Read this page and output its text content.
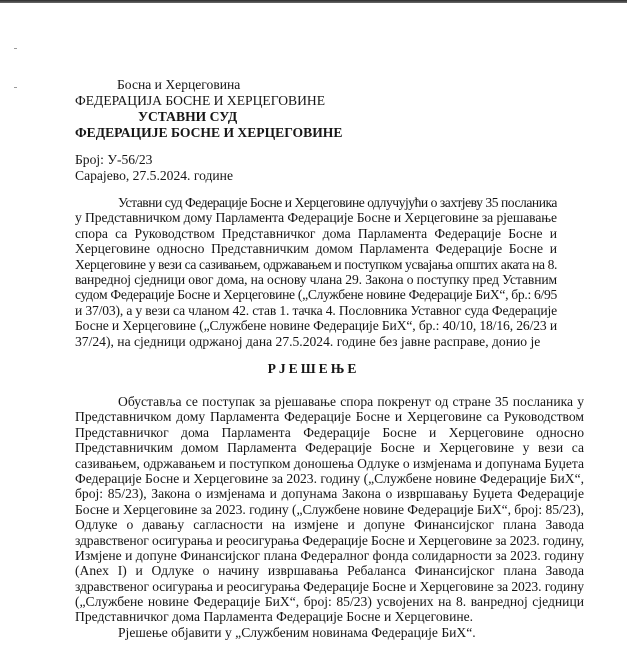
Босна и Херцеговина
ФЕДЕРАЦИЈА БОСНЕ И ХЕРЦЕГОВИНЕ
УСТАВНИ СУД
ФЕДЕРАЦИЈЕ БОСНЕ И ХЕРЦЕГОВИНЕ
Број: У-56/23
Сарајево, 27.5.2024. године
Уставни суд Федерације Босне и Херцеговине одлучујући о захтјеву 35 посланика
у Представничком дому Парламента Федерације Босне и Херцеговине за рјешавање
спора са Руководством Представничког дома Парламента Федерације Босне и
Херцеговине односно Представничким домом Парламента Федерације Босне и
Херцеговине у вези са сазивањем, одржавањем и поступком усвајања општих аката на 8.
ванредној сједници овог дома, на основу члана 29. Закона о поступку пред Уставним
судом Федерације Босне и Херцеговине („Службене новине Федерације БиХ“, бр.: 6/95
и 37/03), а у вези са чланом 42. став 1. тачка 4. Пословника Уставног суда Федерације
Босне и Херцеговине („Службене новине Федерације БиХ“, бр.: 40/10, 18/16, 26/23 и
37/24), на сједници одржаној дана 27.5.2024. године без јавне расправе, донио је
РЈЕШЕЊЕ
Обуставља се поступак за рјешавање спора покренут од стране 35 посланика у
Представничком дому Парламента Федерације Босне и Херцеговине са Руководством
Представничког дома Парламента Федерације Босне и Херцеговине односно
Представничким домом Парламента Федерације Босне и Херцеговине у вези са
сазивањем, одржавањем и поступком доношења Одлуке о измјенама и допунама Буџета
Федерације Босне и Херцеговине за 2023. годину („Службене новине Федерације БиХ“,
број: 85/23), Закона о измјенама и допунама Закона о извршавању Буџета Федерације
Босне и Херцеговине за 2023. годину („Службене новине Федерације БиХ“, број: 85/23),
Одлуке о давању сагласности на измјене и допуне Финансијског плана Завода
здравственог осигурања и реосигурања Федерације Босне и Херцеговине за 2023. годину,
Измјене и допуне Финансијског плана Федералног фонда солидарности за 2023. годину
(Anex I) и Одлуке о начину извршавања Ребаланса Финансијског плана Завода
здравственог осигурања и реосигурања Федерације Босне и Херцеговине за 2023. годину
(„Службене новине Федерације БиХ“, број: 85/23) усвојених на 8. ванредној сједници
Представничког дома Парламента Федерације Босне и Херцеговине.
Рјешење објавити у „Службеним новинама Федерације БиХ“.
